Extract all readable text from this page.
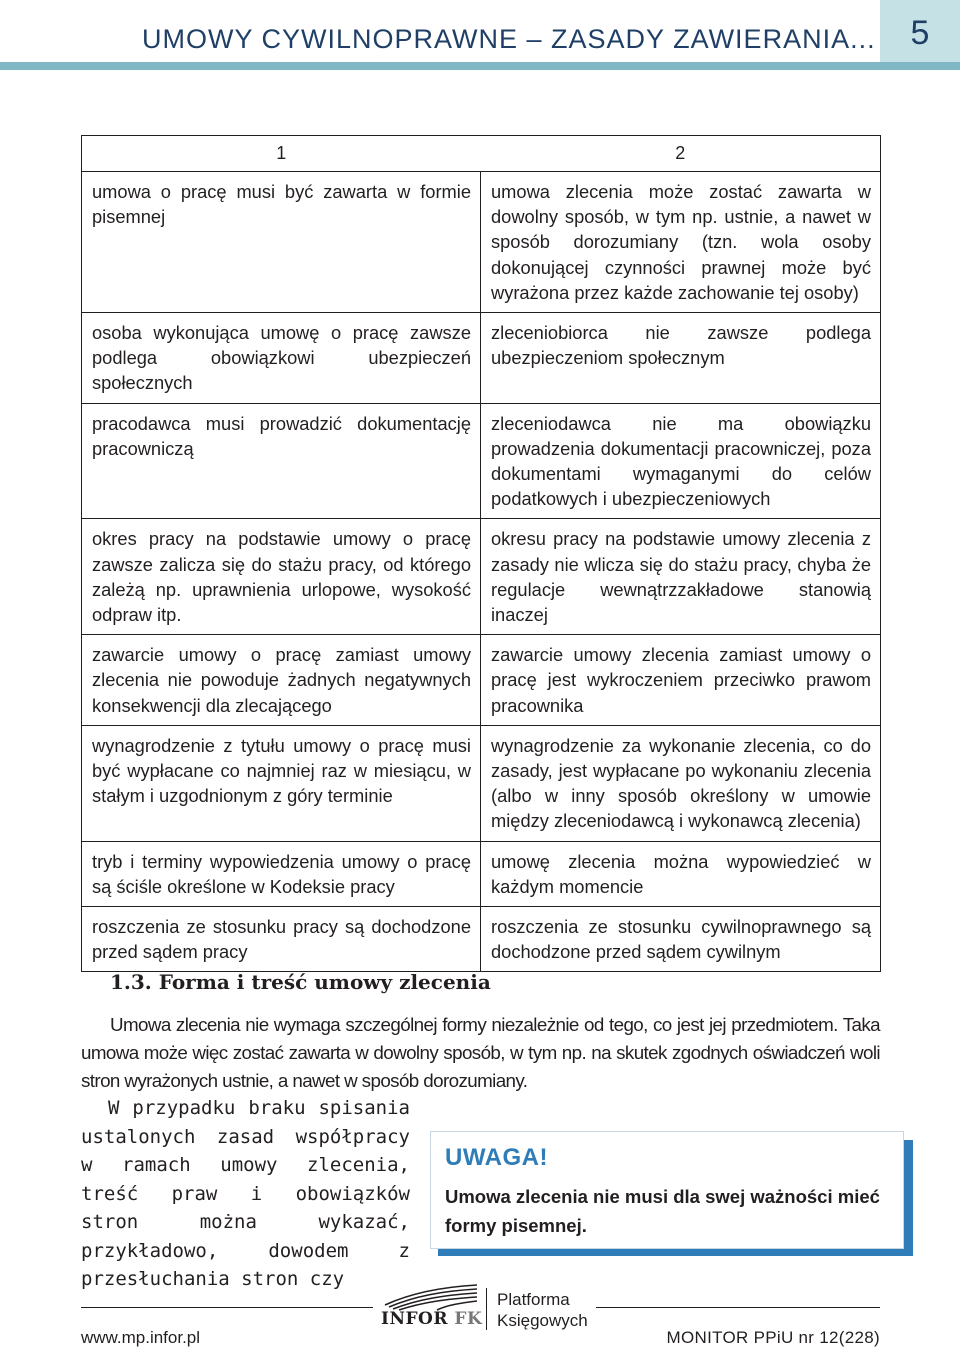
UMOWY CYWILNOPRAWNE – ZASADY ZAWIERANIA...	5
1	2
umowa o pracę musi być zawarta w formie pisemnej	umowa zlecenia może zostać zawarta w dowolny sposób, w tym np. ustnie, a nawet w sposób dorozumiany (tzn. wola osoby dokonującej czynności prawnej może być wyrażona przez każde zachowanie tej osoby)
osoba wykonująca umowę o pracę zawsze podlega obowiązkowi ubezpieczeń społecznych	zleceniobiorca nie zawsze podlega ubezpieczeniom społecznym
pracodawca musi prowadzić dokumentację pracowniczą	zleceniodawca nie ma obowiązku prowadzenia dokumentacji pracowniczej, poza dokumentami wymaganymi do celów podatkowych i ubezpieczeniowych
okres pracy na podstawie umowy o pracę zawsze zalicza się do stażu pracy, od którego zależą np. uprawnienia urlopowe, wysokość odpraw itp.	okresu pracy na podstawie umowy zlecenia z zasady nie wlicza się do stażu pracy, chyba że regulacje wewnątrzzakładowe stanowią inaczej
zawarcie umowy o pracę zamiast umowy zlecenia nie powoduje żadnych negatywnych konsekwencji dla zlecającego	zawarcie umowy zlecenia zamiast umowy o pracę jest wykroczeniem przeciwko prawom pracownika
wynagrodzenie z tytułu umowy o pracę musi być wypłacane co najmniej raz w miesiącu, w stałym i uzgodnionym z góry terminie	wynagrodzenie za wykonanie zlecenia, co do zasady, jest wypłacane po wykonaniu zlecenia (albo w inny sposób określony w umowie między zleceniodawcą i wykonawcą zlecenia)
tryb i terminy wypowiedzenia umowy o pracę są ściśle określone w Kodeksie pracy	umowę zlecenia można wypowiedzieć w każdym momencie
roszczenia ze stosunku pracy są dochodzone przed sądem pracy	roszczenia ze stosunku cywilnoprawnego są dochodzone przed sądem cywilnym
1.3. Forma i treść umowy zlecenia
Umowa zlecenia nie wymaga szczególnej formy niezależnie od tego, co jest jej przedmiotem. Taka umowa może więc zostać zawarta w dowolny sposób, w tym np. na skutek zgodnych oświadczeń woli stron wyrażonych ustnie, a nawet w sposób dorozumiany.
W przypadku braku spisania ustalonych zasad współpracy w ramach umowy zlecenia, treść praw i obowiązków stron można wykazać, przykładowo, dowodem z przesłuchania stron czy
UWAGA!
Umowa zlecenia nie musi dla swej ważności mieć formy pisemnej.
INFOR FK
Platforma
Księgowych
www.mp.infor.pl	MONITOR PPiU nr 12(228)
